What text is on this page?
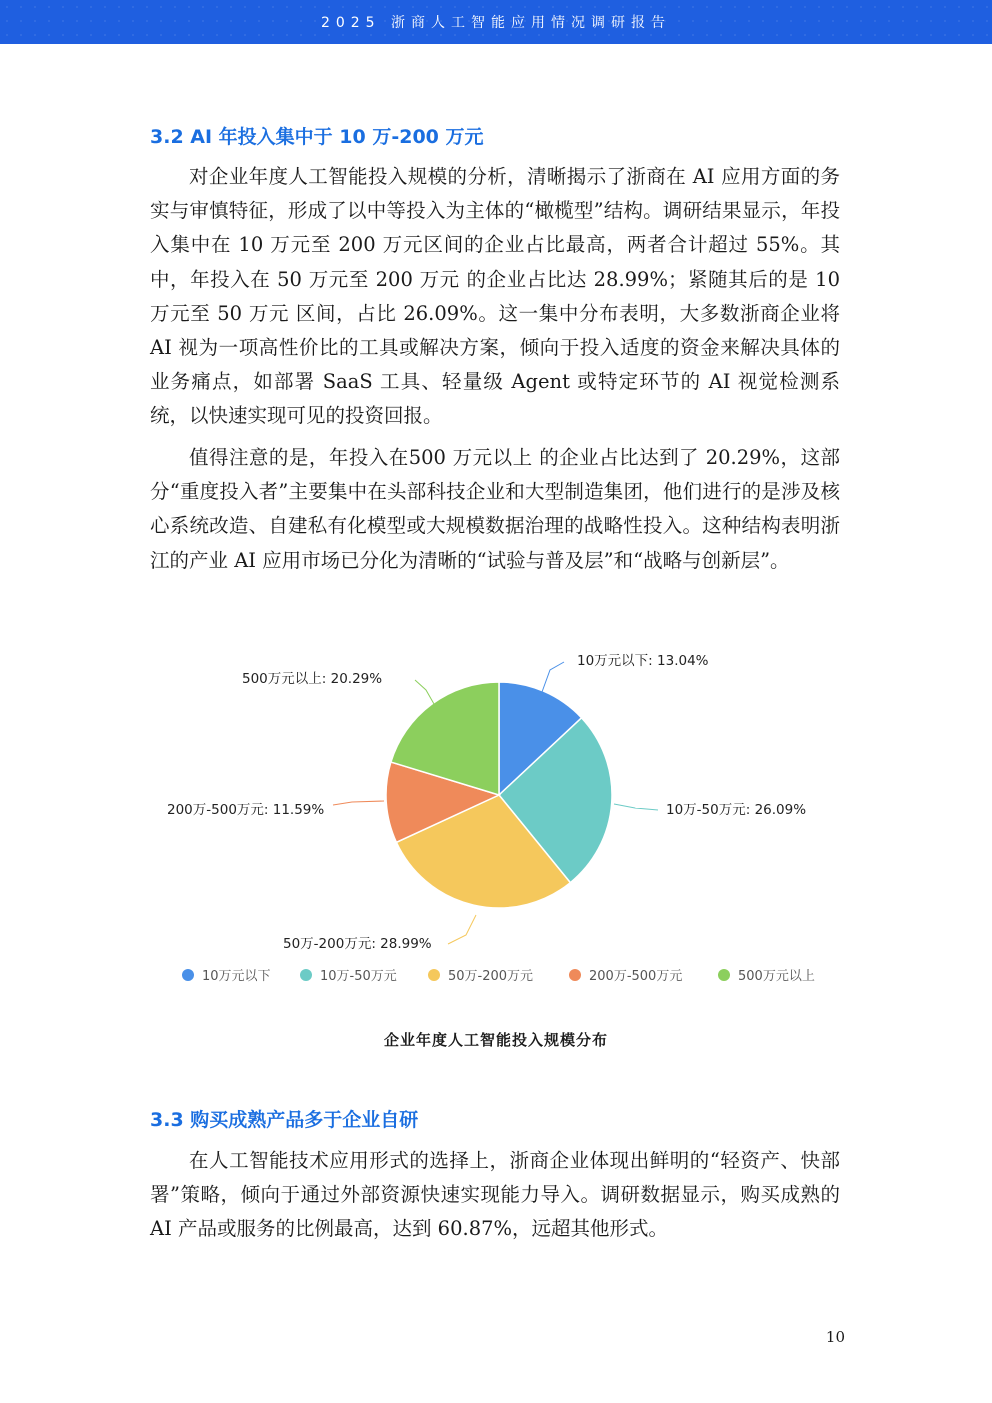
2025 浙商人工智能应用情况调研报告
3.2 AI 年投入集中于 10 万-200 万元

对企业年度人工智能投入规模的分析，清晰揭示了浙商在 AI 应用方面的务实与审慎特征，形成了以中等投入为主体的“橄榄型”结构。调研结果显示，年投入集中在 10 万元至 200 万元区间的企业占比最高，两者合计超过 55%。其中，年投入在 50 万元至 200 万元 的企业占比达 28.99%；紧随其后的是 10 万元至 50 万元 区间，占比 26.09%。这一集中分布表明，大多数浙商企业将 AI 视为一项高性价比的工具或解决方案，倾向于投入适度的资金来解决具体的业务痛点，如部署 SaaS 工具、轻量级 Agent 或特定环节的 AI 视觉检测系统，以快速实现可见的投资回报。

值得注意的是，年投入在500 万元以上 的企业占比达到了 20.29%，这部分“重度投入者”主要集中在头部科技企业和大型制造集团，他们进行的是涉及核心系统改造、自建私有化模型或大规模数据治理的战略性投入。这种结构表明浙江的产业 AI 应用市场已分化为清晰的“试验与普及层”和“战略与创新层”。

10万元以下: 13.04%
10万-50万元: 26.09%
50万-200万元: 28.99%
200万-500万元: 11.59%
500万元以上: 20.29%
10万元以下	10万-50万元	50万-200万元	200万-500万元	500万元以上
企业年度人工智能投入规模分布
3.3 购买成熟产品多于企业自研

在人工智能技术应用形式的选择上，浙商企业体现出鲜明的“轻资产、快部署”策略，倾向于通过外部资源快速实现能力导入。调研数据显示，购买成熟的 AI 产品或服务的比例最高，达到 60.87%，远超其他形式。

10
